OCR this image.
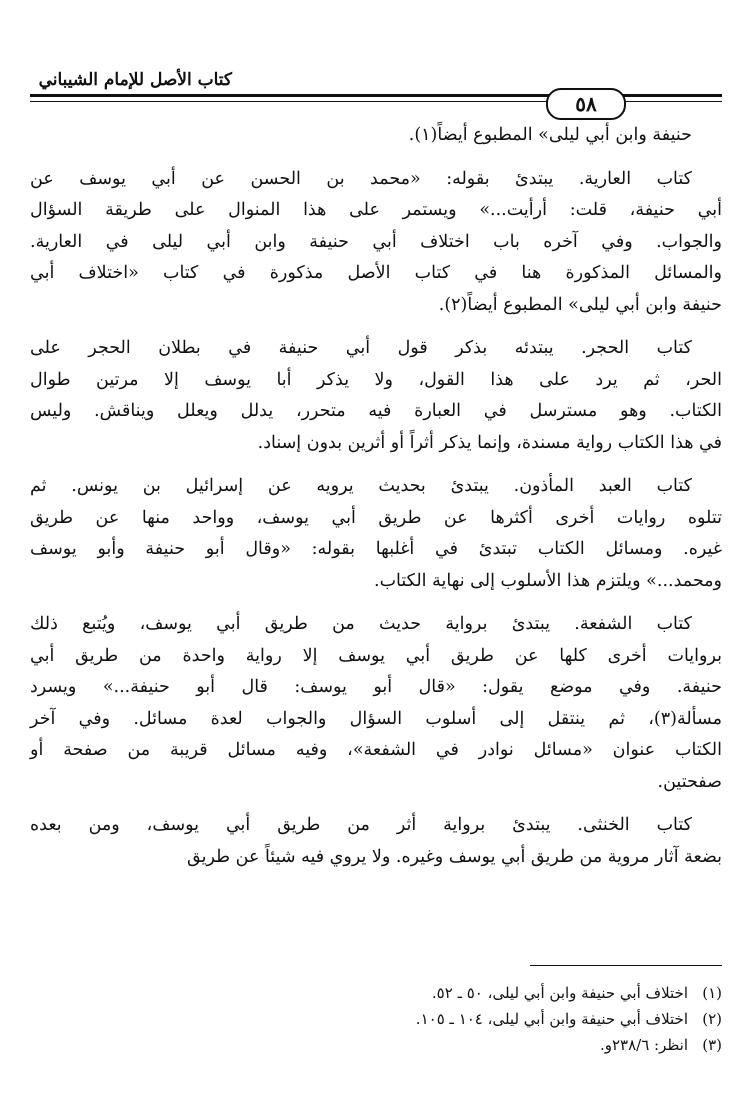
كتاب الأصل للإمام الشيباني
٥٨
حنيفة وابن أبي ليلى» المطبوع أيضاً(١).
كتاب العارية. يبتدئ بقوله: «محمد بن الحسن عن أبي يوسف عن
أبي حنيفة، قلت: أرأيت...» ويستمر على هذا المنوال على طريقة السؤال
والجواب. وفي آخره باب اختلاف أبي حنيفة وابن أبي ليلى في العارية.
والمسائل المذكورة هنا في كتاب الأصل مذكورة في كتاب «اختلاف أبي
حنيفة وابن أبي ليلى» المطبوع أيضاً(٢).
كتاب الحجر. يبتدئه بذكر قول أبي حنيفة في بطلان الحجر على
الحر، ثم يرد على هذا القول، ولا يذكر أبا يوسف إلا مرتين طوال
الكتاب. وهو مسترسل في العبارة فيه متحرر، يدلل ويعلل ويناقش. وليس
في هذا الكتاب رواية مسندة، وإنما يذكر أثراً أو أثرين بدون إسناد.
كتاب العبد المأذون. يبتدئ بحديث يرويه عن إسرائيل بن يونس. ثم
تتلوه روايات أخرى أكثرها عن طريق أبي يوسف، وواحد منها عن طريق
غيره. ومسائل الكتاب تبتدئ في أغلبها بقوله: «وقال أبو حنيفة وأبو يوسف
ومحمد...» ويلتزم هذا الأسلوب إلى نهاية الكتاب.
كتاب الشفعة. يبتدئ برواية حديث من طريق أبي يوسف، ويُتبع ذلك
بروايات أخرى كلها عن طريق أبي يوسف إلا رواية واحدة من طريق أبي
حنيفة. وفي موضع يقول: «قال أبو يوسف: قال أبو حنيفة...» ويسرد
مسألة(٣)، ثم ينتقل إلى أسلوب السؤال والجواب لعدة مسائل. وفي آخر
الكتاب عنوان «مسائل نوادر في الشفعة»، وفيه مسائل قريبة من صفحة أو
صفحتين.
كتاب الخنثى. يبتدئ برواية أثر من طريق أبي يوسف، ومن بعده
بضعة آثار مروية من طريق أبي يوسف وغيره. ولا يروي فيه شيئاً عن طريق
(١)اختلاف أبي حنيفة وابن أبي ليلى، ٥٠ ـ ٥٢.
(٢)اختلاف أبي حنيفة وابن أبي ليلى، ١٠٤ ـ ١٠٥.
(٣)انظر: ٢٣٨/٦و.
